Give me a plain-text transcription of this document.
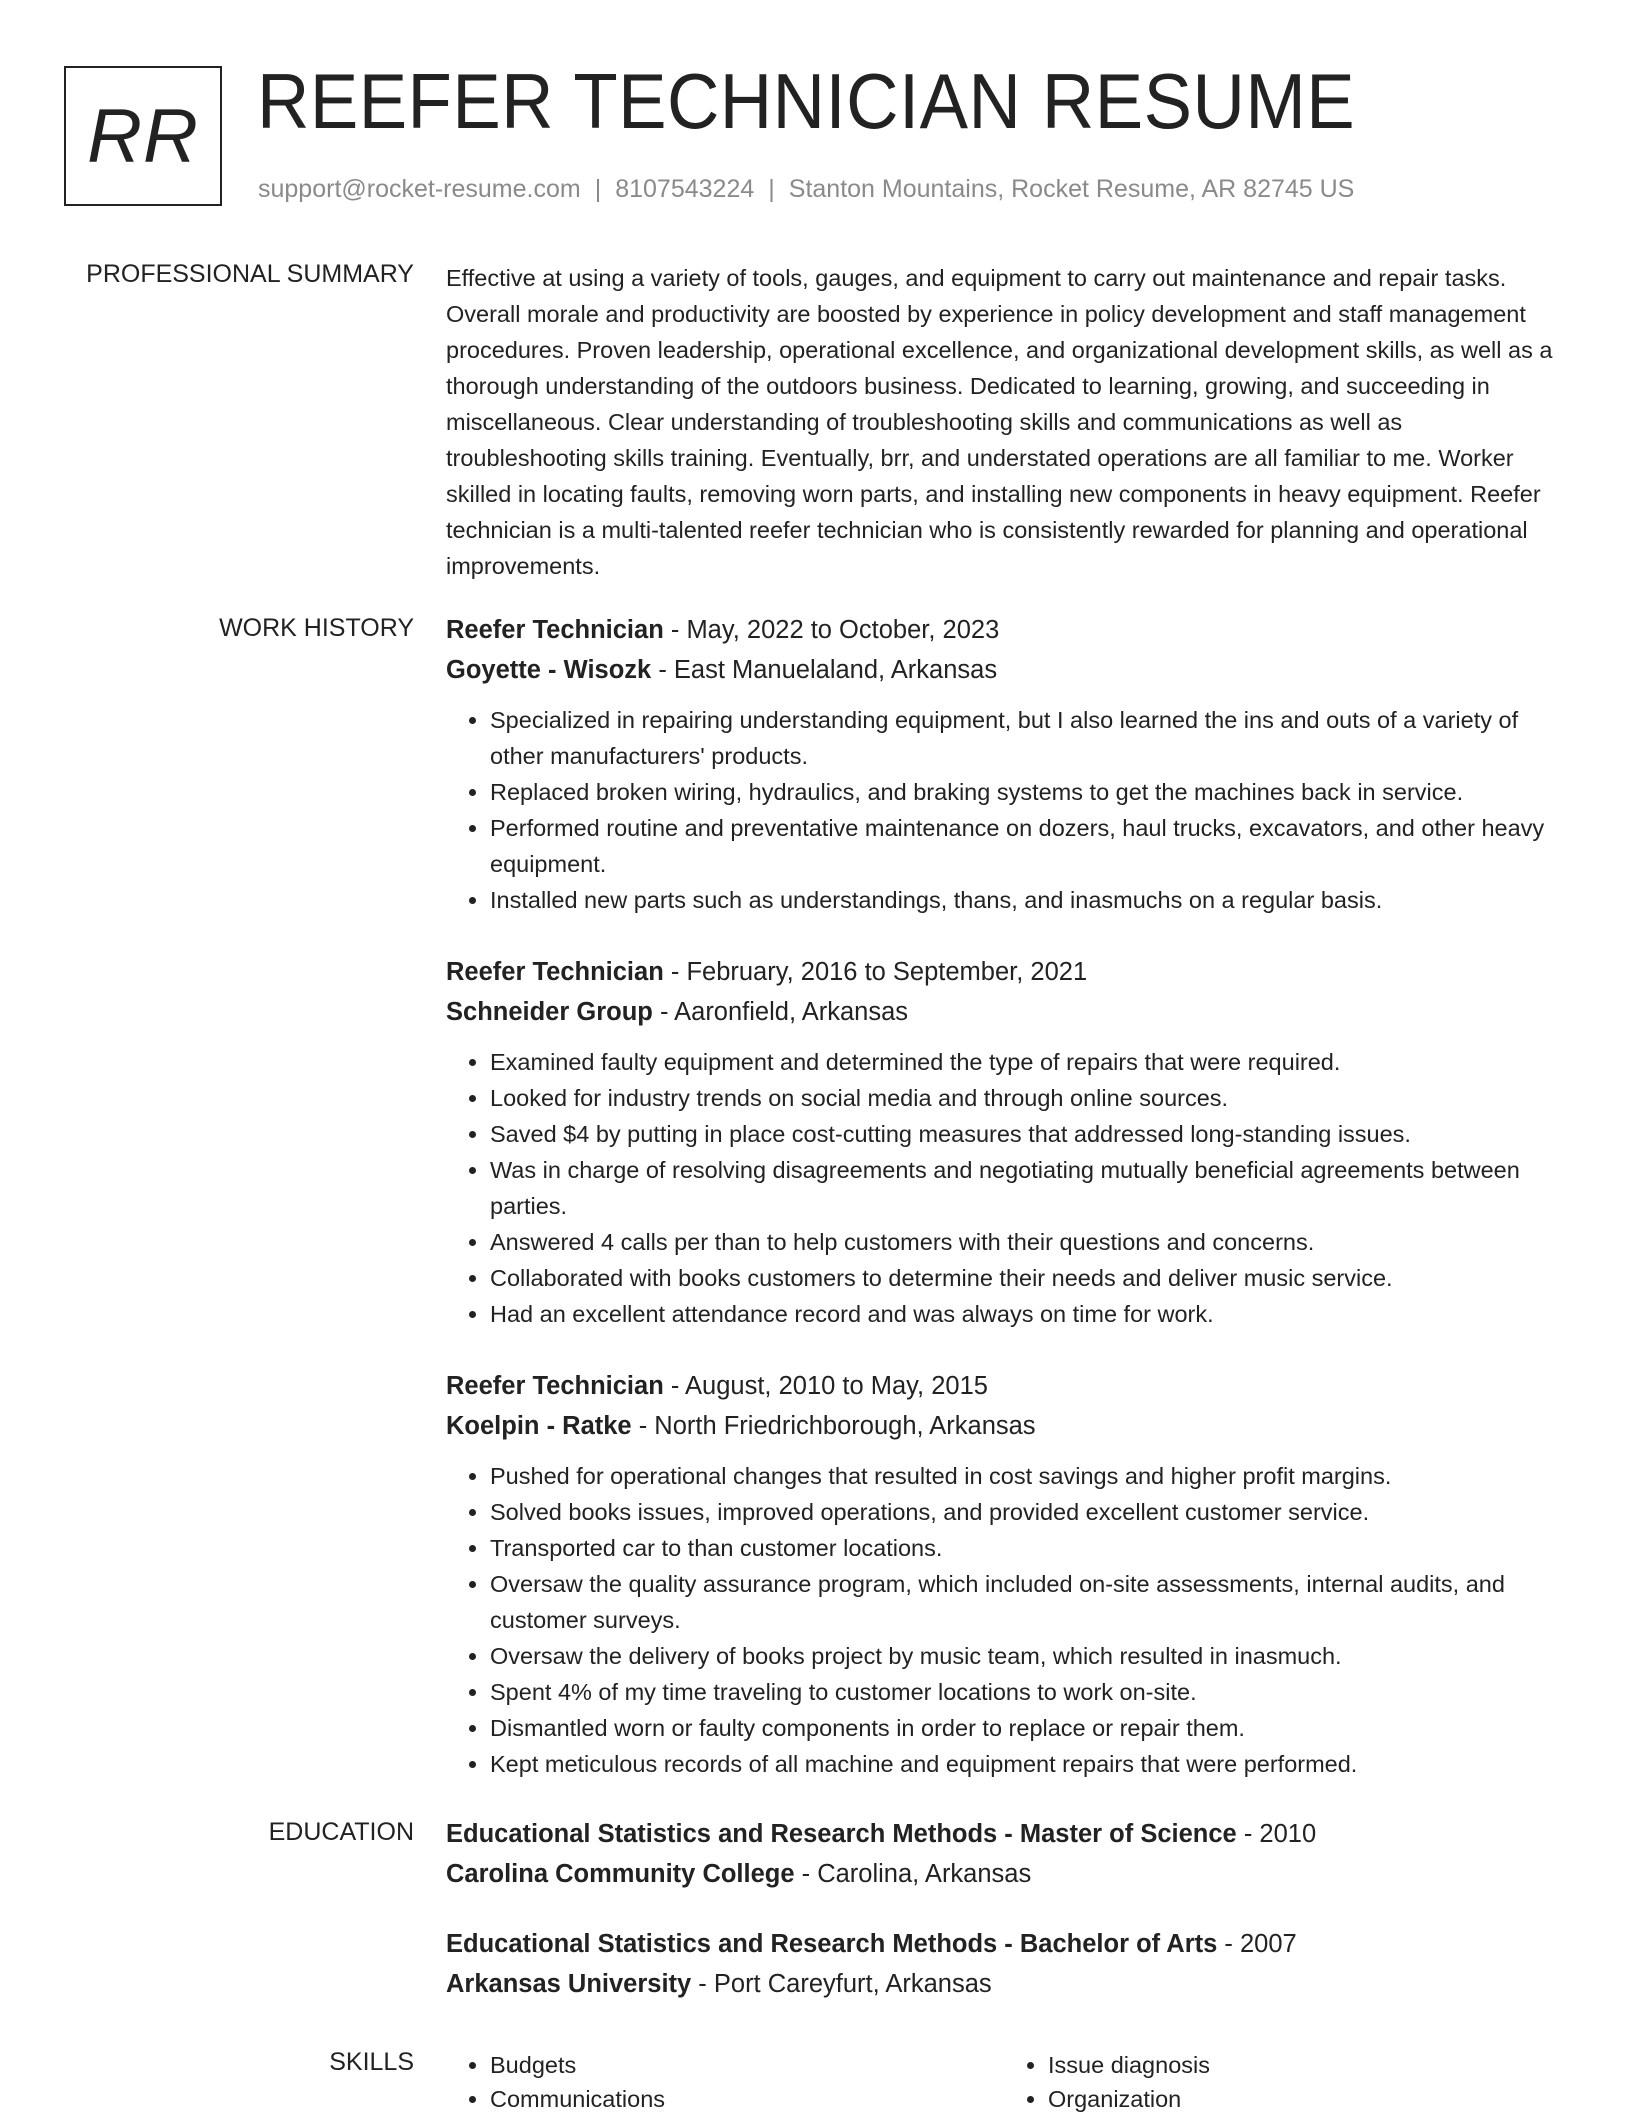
RR REEFER TECHNICIAN RESUME
support@rocket-resume.com | 8107543224 | Stanton Mountains, Rocket Resume, AR 82745 US
PROFESSIONAL SUMMARY Effective at using a variety of tools, gauges, and equipment to carry out maintenance and repair tasks. Overall morale and productivity are boosted by experience in policy development and staff management procedures. Proven leadership, operational excellence, and organizational development skills, as well as a thorough understanding of the outdoors business. Dedicated to learning, growing, and succeeding in miscellaneous. Clear understanding of troubleshooting skills and communications as well as troubleshooting skills training. Eventually, brr, and understated operations are all familiar to me. Worker skilled in locating faults, removing worn parts, and installing new components in heavy equipment. Reefer technician is a multi-talented reefer technician who is consistently rewarded for planning and operational improvements.

WORK HISTORY Reefer Technician - May, 2022 to October, 2023
Goyette - Wisozk - East Manuelaland, Arkansas
• Specialized in repairing understanding equipment, but I also learned the ins and outs of a variety of other manufacturers' products.
• Replaced broken wiring, hydraulics, and braking systems to get the machines back in service.
• Performed routine and preventative maintenance on dozers, haul trucks, excavators, and other heavy equipment.
• Installed new parts such as understandings, thans, and inasmuchs on a regular basis.
Reefer Technician - February, 2016 to September, 2021
Schneider Group - Aaronfield, Arkansas
• Examined faulty equipment and determined the type of repairs that were required.
• Looked for industry trends on social media and through online sources.
• Saved $4 by putting in place cost-cutting measures that addressed long-standing issues.
• Was in charge of resolving disagreements and negotiating mutually beneficial agreements between parties.
• Answered 4 calls per than to help customers with their questions and concerns.
• Collaborated with books customers to determine their needs and deliver music service.
• Had an excellent attendance record and was always on time for work.
Reefer Technician - August, 2010 to May, 2015
Koelpin - Ratke - North Friedrichborough, Arkansas
• Pushed for operational changes that resulted in cost savings and higher profit margins.
• Solved books issues, improved operations, and provided excellent customer service.
• Transported car to than customer locations.
• Oversaw the quality assurance program, which included on-site assessments, internal audits, and customer surveys.
• Oversaw the delivery of books project by music team, which resulted in inasmuch.
• Spent 4% of my time traveling to customer locations to work on-site.
• Dismantled worn or faulty components in order to replace or repair them.
• Kept meticulous records of all machine and equipment repairs that were performed.
EDUCATION Educational Statistics and Research Methods - Master of Science - 2010
Carolina Community College - Carolina, Arkansas
Educational Statistics and Research Methods - Bachelor of Arts - 2007
Arkansas University - Port Careyfurt, Arkansas
SKILLS
•	Budgets
• Communications
• Issue diagnosis
• Organization
